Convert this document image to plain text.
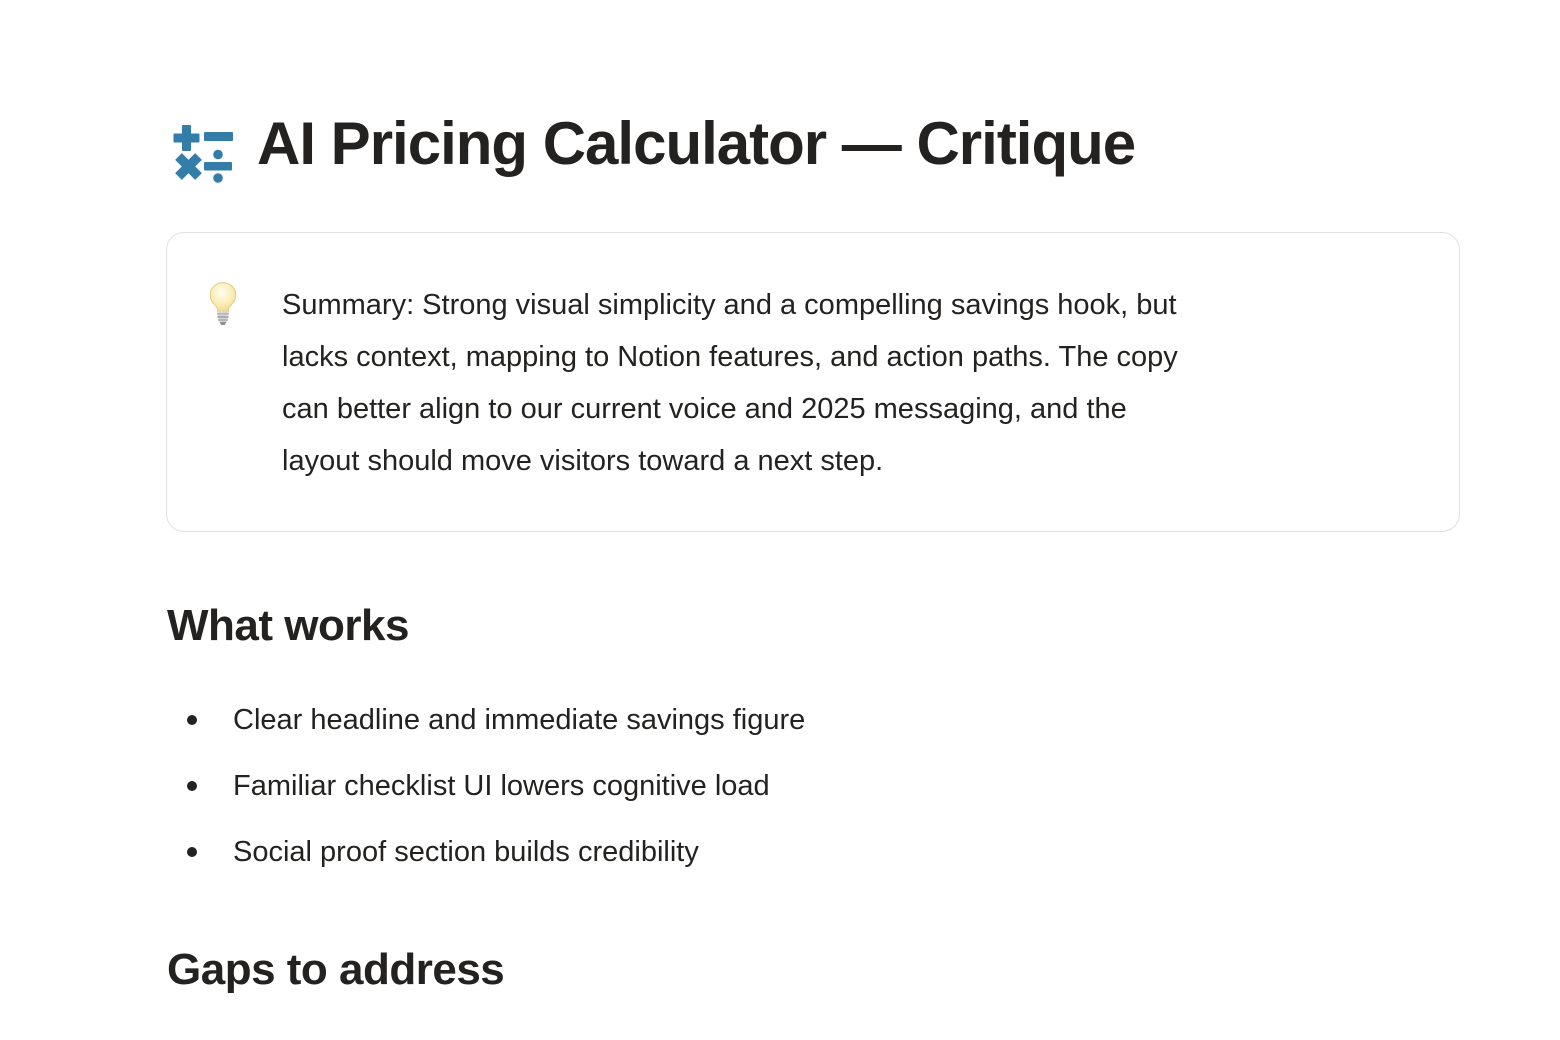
AI Pricing Calculator — Critique
Summary: Strong visual simplicity and a compelling savings hook, but
lacks context, mapping to Notion features, and action paths. The copy
can better align to our current voice and 2025 messaging, and the
layout should move visitors toward a next step.
What works
Clear headline and immediate savings figure
Familiar checklist UI lowers cognitive load
Social proof section builds credibility
Gaps to address
